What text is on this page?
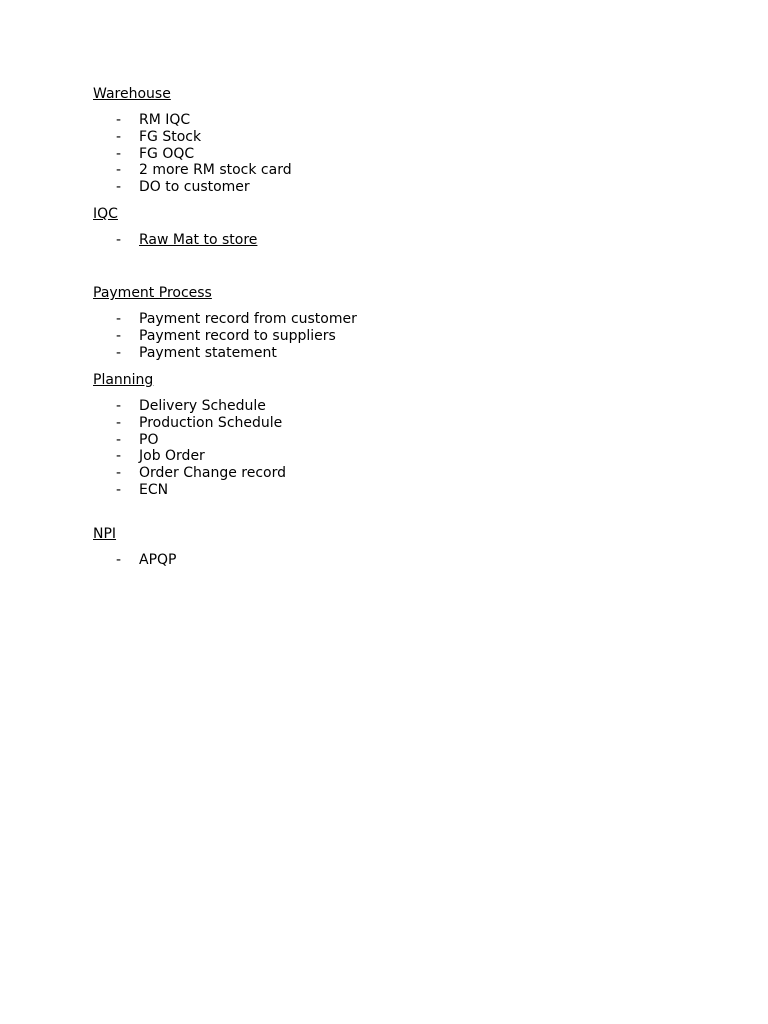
Warehouse
- RM IQC
- FG Stock
- FG OQC
- 2 more RM stock card
- DO to customer
IQC
- Raw Mat to store
Payment Process
- Payment record from customer
- Payment record to suppliers
- Payment statement
Planning
- Delivery Schedule
- Production Schedule
- PO
- Job Order
- Order Change record
- ECN
NPI
- APQP
